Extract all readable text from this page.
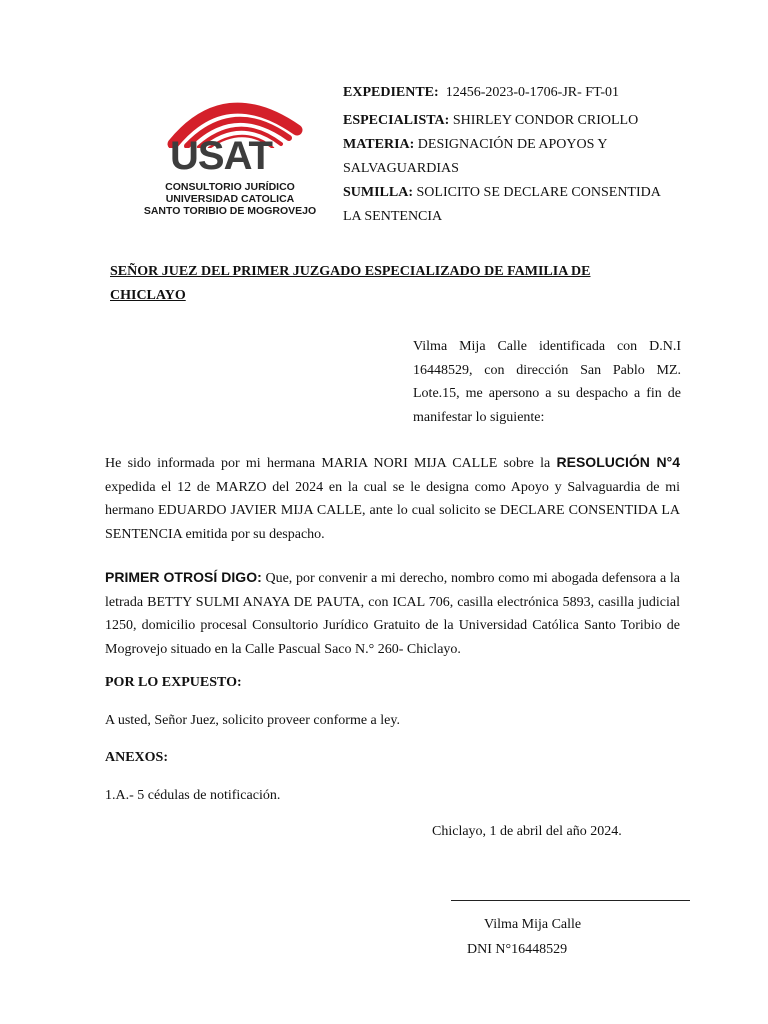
USAT
CONSULTORIO JURÍDICO
UNIVERSIDAD CATOLICA
SANTO TORIBIO DE MOGROVEJO
EXPEDIENTE: 12456-2023-0-1706-JR- FT-01
ESPECIALISTA: SHIRLEY CONDOR CRIOLLO
MATERIA: DESIGNACIÓN DE APOYOS Y SALVAGUARDIAS
SUMILLA: SOLICITO SE DECLARE CONSENTIDA LA SENTENCIA
SEÑOR JUEZ DEL PRIMER JUZGADO ESPECIALIZADO DE FAMILIA DE CHICLAYO
Vilma Mija Calle identificada con D.N.I 16448529, con dirección San Pablo MZ. Lote.15, me apersono a su despacho a fin de manifestar lo siguiente:
He sido informada por mi hermana MARIA NORI MIJA CALLE sobre la RESOLUCIÓN N°4 expedida el 12 de MARZO del 2024 en la cual se le designa como Apoyo y Salvaguardia de mi hermano EDUARDO JAVIER MIJA CALLE, ante lo cual solicito se DECLARE CONSENTIDA LA SENTENCIA emitida por su despacho.
PRIMER OTROSÍ DIGO: Que, por convenir a mi derecho, nombro como mi abogada defensora a la letrada BETTY SULMI ANAYA DE PAUTA, con ICAL 706, casilla electrónica 5893, casilla judicial 1250, domicilio procesal Consultorio Jurídico Gratuito de la Universidad Católica Santo Toribio de Mogrovejo situado en la Calle Pascual Saco N.° 260- Chiclayo.
POR LO EXPUESTO:
A usted, Señor Juez, solicito proveer conforme a ley.
ANEXOS:
1.A.- 5 cédulas de notificación.
Chiclayo, 1 de abril del año 2024.
Vilma Mija Calle
DNI N°16448529
